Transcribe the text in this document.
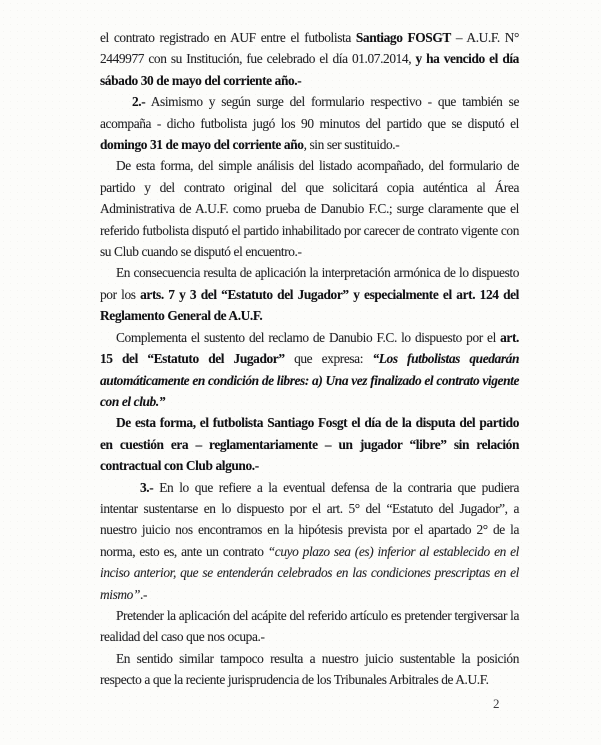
el contrato registrado en AUF entre el futbolista Santiago FOSGT – A.U.F. N° 2449977 con su Institución, fue celebrado el día 01.07.2014, y ha vencido el día sábado 30 de mayo del corriente año.-

2.- Asimismo y según surge del formulario respectivo - que también se acompaña - dicho futbolista jugó los 90 minutos del partido que se disputó el domingo 31 de mayo del corriente año, sin ser sustituido.-

De esta forma, del simple análisis del listado acompañado, del formulario de partido y del contrato original del que solicitará copia auténtica al Área Administrativa de A.U.F. como prueba de Danubio F.C.; surge claramente que el referido futbolista disputó el partido inhabilitado por carecer de contrato vigente con su Club cuando se disputó el encuentro.-

En consecuencia resulta de aplicación la interpretación armónica de lo dispuesto por los arts. 7 y 3 del “Estatuto del Jugador” y especialmente el art. 124 del Reglamento General de A.U.F.

Complementa el sustento del reclamo de Danubio F.C. lo dispuesto por el art. 15 del “Estatuto del Jugador” que expresa: “Los futbolistas quedarán automáticamente en condición de libres: a) Una vez finalizado el contrato vigente con el club.”

De esta forma, el futbolista Santiago Fosgt el día de la disputa del partido en cuestión era – reglamentariamente – un jugador “libre” sin relación contractual con Club alguno.-

3.- En lo que refiere a la eventual defensa de la contraria que pudiera intentar sustentarse en lo dispuesto por el art. 5° del “Estatuto del Jugador”, a nuestro juicio nos encontramos en la hipótesis prevista por el apartado 2° de la norma, esto es, ante un contrato “cuyo plazo sea (es) inferior al establecido en el inciso anterior, que se entenderán celebrados en las condiciones prescriptas en el mismo”.-

Pretender la aplicación del acápite del referido artículo es pretender tergiversar la realidad del caso que nos ocupa.-

En sentido similar tampoco resulta a nuestro juicio sustentable la posición respecto a que la reciente jurisprudencia de los Tribunales Arbitrales de A.U.F.

2
